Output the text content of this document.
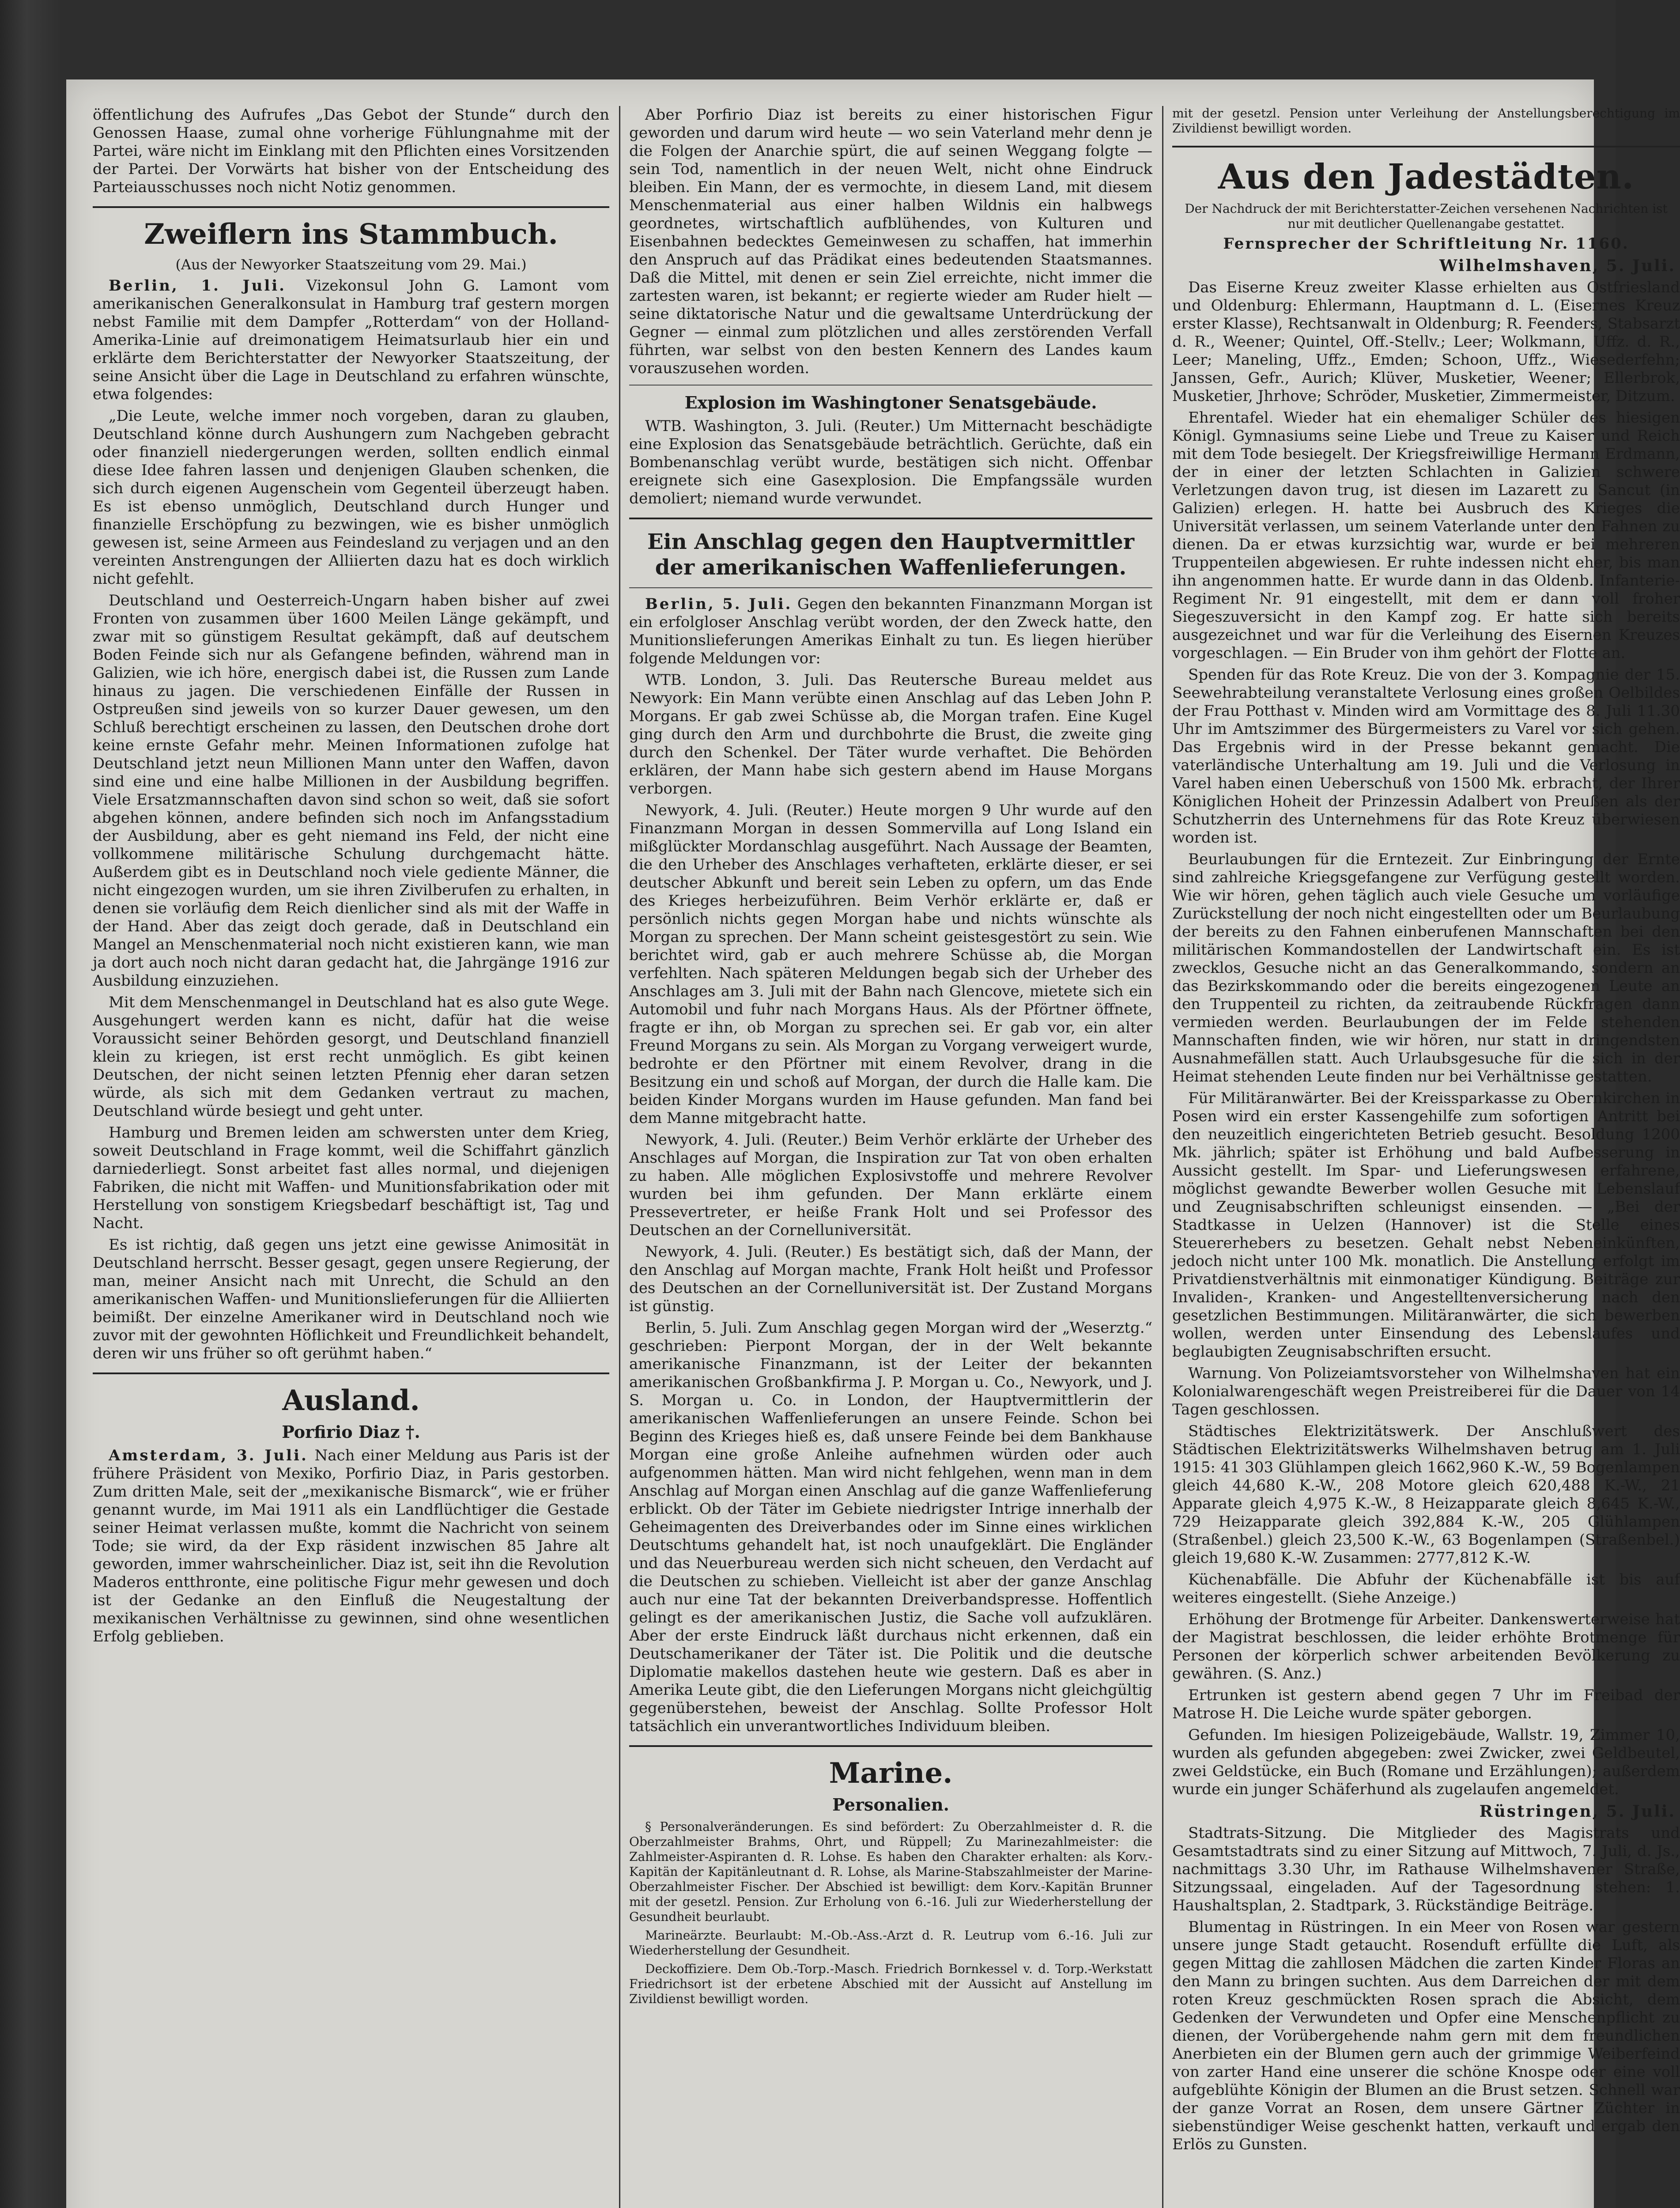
öffentlichung des Aufrufes „Das Gebot der Stunde“ durch den Genossen Haase, zumal ohne vorherige Fühlungnahme mit der Partei, wäre nicht im Einklang mit den Pflichten eines Vorsitzenden der Partei. Der Vorwärts hat bisher von der Entscheidung des Parteiausschusses noch nicht Notiz genommen.

Zweiflern ins Stammbuch.
(Aus der Newyorker Staatszeitung vom 29. Mai.)

Berlin, 1. Juli. Vizekonsul John G. Lamont vom amerikanischen Generalkonsulat in Hamburg traf gestern morgen nebst Familie mit dem Dampfer „Rotterdam“ von der Holland-Amerika-Linie auf dreimonatigem Heimatsurlaub hier ein und erklärte dem Berichterstatter der Newyorker Staatszeitung, der seine Ansicht über die Lage in Deutschland zu erfahren wünschte, etwa folgendes:

„Die Leute, welche immer noch vorgeben, daran zu glauben, Deutschland könne durch Aushungern zum Nachgeben gebracht oder finanziell niedergerungen werden, sollten endlich einmal diese Idee fahren lassen und denjenigen Glauben schenken, die sich durch eigenen Augenschein vom Gegenteil überzeugt haben. Es ist ebenso unmöglich, Deutschland durch Hunger und finanzielle Erschöpfung zu bezwingen, wie es bisher unmöglich gewesen ist, seine Armeen aus Feindesland zu verjagen und an den vereinten Anstrengungen der Alliierten dazu hat es doch wirklich nicht gefehlt.

Deutschland und Oesterreich-Ungarn haben bisher auf zwei Fronten von zusammen über 1600 Meilen Länge gekämpft, und zwar mit so günstigem Resultat gekämpft, daß auf deutschem Boden Feinde sich nur als Gefangene befinden, während man in Galizien, wie ich höre, energisch dabei ist, die Russen zum Lande hinaus zu jagen. Die verschiedenen Einfälle der Russen in Ostpreußen sind jeweils von so kurzer Dauer gewesen, um den Schluß berechtigt erscheinen zu lassen, den Deutschen drohe dort keine ernste Gefahr mehr. Meinen Informationen zufolge hat Deutschland jetzt neun Millionen Mann unter den Waffen, davon sind eine und eine halbe Millionen in der Ausbildung begriffen. Viele Ersatzmannschaften davon sind schon so weit, daß sie sofort abgehen können, andere befinden sich noch im Anfangsstadium der Ausbildung, aber es geht niemand ins Feld, der nicht eine vollkommene militärische Schulung durchgemacht hätte. Außerdem gibt es in Deutschland noch viele gediente Männer, die nicht eingezogen wurden, um sie ihren Zivilberufen zu erhalten, in denen sie vorläufig dem Reich dienlicher sind als mit der Waffe in der Hand. Aber das zeigt doch gerade, daß in Deutschland ein Mangel an Menschenmaterial noch nicht existieren kann, wie man ja dort auch noch nicht daran gedacht hat, die Jahrgänge 1916 zur Ausbildung einzuziehen.

Mit dem Menschenmangel in Deutschland hat es also gute Wege. Ausgehungert werden kann es nicht, dafür hat die weise Voraussicht seiner Behörden gesorgt, und Deutschland finanziell klein zu kriegen, ist erst recht unmöglich. Es gibt keinen Deutschen, der nicht seinen letzten Pfennig eher daran setzen würde, als sich mit dem Gedanken vertraut zu machen, Deutschland würde besiegt und geht unter.

Hamburg und Bremen leiden am schwersten unter dem Krieg, soweit Deutschland in Frage kommt, weil die Schiffahrt gänzlich darniederliegt. Sonst arbeitet fast alles normal, und diejenigen Fabriken, die nicht mit Waffen- und Munitionsfabrikation oder mit Herstellung von sonstigem Kriegsbedarf beschäftigt ist, Tag und Nacht.

Es ist richtig, daß gegen uns jetzt eine gewisse Animosität in Deutschland herrscht. Besser gesagt, gegen unsere Regierung, der man, meiner Ansicht nach mit Unrecht, die Schuld an den amerikanischen Waffen- und Munitionslieferungen für die Alliierten beimißt. Der einzelne Amerikaner wird in Deutschland noch wie zuvor mit der gewohnten Höflichkeit und Freundlichkeit behandelt, deren wir uns früher so oft gerühmt haben.“

Ausland.
Porfirio Diaz †.

Amsterdam, 3. Juli. Nach einer Meldung aus Paris ist der frühere Präsident von Mexiko, Porfirio Diaz, in Paris gestorben. Zum dritten Male, seit der „mexikanische Bismarck“, wie er früher genannt wurde, im Mai 1911 als ein Landflüchtiger die Gestade seiner Heimat verlassen mußte, kommt die Nachricht von seinem Tode; sie wird, da der Exp räsident inzwischen 85 Jahre alt geworden, immer wahrscheinlicher. Diaz ist, seit ihn die Revolution Maderos entthronte, eine politische Figur mehr gewesen und doch ist der Gedanke an den Einfluß die Neugestaltung der mexikanischen Verhältnisse zu gewinnen, sind ohne wesentlichen Erfolg geblieben.

Aber Porfirio Diaz ist bereits zu einer historischen Figur geworden und darum wird heute — wo sein Vaterland mehr denn je die Folgen der Anarchie spürt, die auf seinen Weggang folgte — sein Tod, namentlich in der neuen Welt, nicht ohne Eindruck bleiben. Ein Mann, der es vermochte, in diesem Land, mit diesem Menschenmaterial aus einer halben Wildnis ein halbwegs geordnetes, wirtschaftlich aufblühendes, von Kulturen und Eisenbahnen bedecktes Gemeinwesen zu schaffen, hat immerhin den Anspruch auf das Prädikat eines bedeutenden Staatsmannes. Daß die Mittel, mit denen er sein Ziel erreichte, nicht immer die zartesten waren, ist bekannt; er regierte wieder am Ruder hielt — seine diktatorische Natur und die gewaltsame Unterdrückung der Gegner — einmal zum plötzlichen und alles zerstörenden Verfall führten, war selbst von den besten Kennern des Landes kaum vorauszusehen worden.

Explosion im Washingtoner Senatsgebäude.

WTB. Washington, 3. Juli. (Reuter.) Um Mitternacht beschädigte eine Explosion das Senatsgebäude beträchtlich. Gerüchte, daß ein Bombenanschlag verübt wurde, bestätigen sich nicht. Offenbar ereignete sich eine Gasexplosion. Die Empfangssäle wurden demoliert; niemand wurde verwundet.

Ein Anschlag gegen den Hauptvermittler der amerikanischen Waffenlieferungen.

Berlin, 5. Juli. Gegen den bekannten Finanzmann Morgan ist ein erfolgloser Anschlag verübt worden, der den Zweck hatte, den Munitionslieferungen Amerikas Einhalt zu tun. Es liegen hierüber folgende Meldungen vor:

WTB. London, 3. Juli. Das Reutersche Bureau meldet aus Newyork: Ein Mann verübte einen Anschlag auf das Leben John P. Morgans. Er gab zwei Schüsse ab, die Morgan trafen. Eine Kugel ging durch den Arm und durchbohrte die Brust, die zweite ging durch den Schenkel. Der Täter wurde verhaftet. Die Behörden erklären, der Mann habe sich gestern abend im Hause Morgans verborgen.

Newyork, 4. Juli. (Reuter.) Heute morgen 9 Uhr wurde auf den Finanzmann Morgan in dessen Sommervilla auf Long Island ein mißglückter Mordanschlag ausgeführt. Nach Aussage der Beamten, die den Urheber des Anschlages verhafteten, erklärte dieser, er sei deutscher Abkunft und bereit sein Leben zu opfern, um das Ende des Krieges herbeizuführen. Beim Verhör erklärte er, daß er persönlich nichts gegen Morgan habe und nichts wünschte als Morgan zu sprechen. Der Mann scheint geistesgestört zu sein. Wie berichtet wird, gab er auch mehrere Schüsse ab, die Morgan verfehlten. Nach späteren Meldungen begab sich der Urheber des Anschlages am 3. Juli mit der Bahn nach Glencove, mietete sich ein Automobil und fuhr nach Morgans Haus. Als der Pförtner öffnete, fragte er ihn, ob Morgan zu sprechen sei. Er gab vor, ein alter Freund Morgans zu sein. Als Morgan zu Vorgang verweigert wurde, bedrohte er den Pförtner mit einem Revolver, drang in die Besitzung ein und schoß auf Morgan, der durch die Halle kam. Die beiden Kinder Morgans wurden im Hause gefunden. Man fand bei dem Manne mitgebracht hatte.

Newyork, 4. Juli. (Reuter.) Beim Verhör erklärte der Urheber des Anschlages auf Morgan, die Inspiration zur Tat von oben erhalten zu haben. Alle möglichen Explosivstoffe und mehrere Revolver wurden bei ihm gefunden. Der Mann erklärte einem Pressevertreter, er heiße Frank Holt und sei Professor des Deutschen an der Cornelluniversität.

Newyork, 4. Juli. (Reuter.) Es bestätigt sich, daß der Mann, der den Anschlag auf Morgan machte, Frank Holt heißt und Professor des Deutschen an der Cornelluniversität ist. Der Zustand Morgans ist günstig.

Berlin, 5. Juli. Zum Anschlag gegen Morgan wird der „Weserztg.“ geschrieben: Pierpont Morgan, der in der Welt bekannte amerikanische Finanzmann, ist der Leiter der bekannten amerikanischen Großbankfirma J. P. Morgan u. Co., Newyork, und J. S. Morgan u. Co. in London, der Hauptvermittlerin der amerikanischen Waffenlieferungen an unsere Feinde. Schon bei Beginn des Krieges hieß es, daß unsere Feinde bei dem Bankhause Morgan eine große Anleihe aufnehmen würden oder auch aufgenommen hätten. Man wird nicht fehlgehen, wenn man in dem Anschlag auf Morgan einen Anschlag auf die ganze Waffenlieferung erblickt. Ob der Täter im Gebiete niedrigster Intrige innerhalb der Geheimagenten des Dreiverbandes oder im Sinne eines wirklichen Deutschtums gehandelt hat, ist noch unaufgeklärt. Die Engländer und das Neuerbureau werden sich nicht scheuen, den Verdacht auf die Deutschen zu schieben. Vielleicht ist aber der ganze Anschlag auch nur eine Tat der bekannten Dreiverbandspresse. Hoffentlich gelingt es der amerikanischen Justiz, die Sache voll aufzuklären. Aber der erste Eindruck läßt durchaus nicht erkennen, daß ein Deutschamerikaner der Täter ist. Die Politik und die deutsche Diplomatie makellos dastehen heute wie gestern. Daß es aber in Amerika Leute gibt, die den Lieferungen Morgans nicht gleichgültig gegenüberstehen, beweist der Anschlag. Sollte Professor Holt tatsächlich ein unverantwortliches Individuum bleiben.

Marine.
Personalien.

§ Personalveränderungen. Es sind befördert: Zu Oberzahlmeister d. R. die Oberzahlmeister Brahms, Ohrt, und Rüppell; Zu Marinezahlmeister: die Zahlmeister-Aspiranten d. R. Lohse. Es haben den Charakter erhalten: als Korv.-Kapitän der Kapitänleutnant d. R. Lohse, als Marine-Stabszahlmeister der Marine-Oberzahlmeister Fischer. Der Abschied ist bewilligt: dem Korv.-Kapitän Brunner mit der gesetzl. Pension. Zur Erholung von 6.-16. Juli zur Wiederherstellung der Gesundheit beurlaubt.

Marineärzte. Beurlaubt: M.-Ob.-Ass.-Arzt d. R. Leutrup vom 6.-16. Juli zur Wiederherstellung der Gesundheit.

Deckoffiziere. Dem Ob.-Torp.-Masch. Friedrich Bornkessel v. d. Torp.-Werkstatt Friedrichsort ist der erbetene Abschied mit der Aussicht auf Anstellung im Zivildienst bewilligt worden.

mit der gesetzl. Pension unter Verleihung der Anstellungsberechtigung im Zivildienst bewilligt worden.

Aus den Jadestädten.

Der Nachdruck der mit Berichterstatter-Zeichen versehenen Nachrichten ist nur mit deutlicher Quellenangabe gestattet.

Fernsprecher der Schriftleitung Nr. 1160.

Wilhelmshaven, 5. Juli.

Das Eiserne Kreuz zweiter Klasse erhielten aus Ostfriesland und Oldenburg: Ehlermann, Hauptmann d. L. (Eisernes Kreuz erster Klasse), Rechtsanwalt in Oldenburg; R. Feenders, Stabsarzt d. R., Weener; Quintel, Off.-Stellv.; Leer; Wolkmann, Uffz. d. R., Leer; Maneling, Uffz., Emden; Schoon, Uffz., Wiesederfehn; Janssen, Gefr., Aurich; Klüver, Musketier, Weener; Ellerbrok, Musketier, Jhrhove; Schröder, Musketier, Zimmermeister, Ditzum.

Ehrentafel. Wieder hat ein ehemaliger Schüler des hiesigen Königl. Gymnasiums seine Liebe und Treue zu Kaiser und Reich mit dem Tode besiegelt. Der Kriegsfreiwillige Hermann Erdmann, der in einer der letzten Schlachten in Galizien schwere Verletzungen davon trug, ist diesen im Lazarett zu Sancut (in Galizien) erlegen. H. hatte bei Ausbruch des Krieges die Universität verlassen, um seinem Vaterlande unter den Fahnen zu dienen. Da er etwas kurzsichtig war, wurde er bei mehreren Truppenteilen abgewiesen. Er ruhte indessen nicht eher, bis man ihn angenommen hatte. Er wurde dann in das Oldenb. Infanterie-Regiment Nr. 91 eingestellt, mit dem er dann voll froher Siegeszuversicht in den Kampf zog. Er hatte sich bereits ausgezeichnet und war für die Verleihung des Eisernen Kreuzes vorgeschlagen. — Ein Bruder von ihm gehört der Flotte an.

Spenden für das Rote Kreuz. Die von der 3. Kompagnie der 15. Seewehrabteilung veranstaltete Verlosung eines großen Oelbildes der Frau Potthast v. Minden wird am Vormittage des 8. Juli 11.30 Uhr im Amtszimmer des Bürgermeisters zu Varel vor sich gehen. Das Ergebnis wird in der Presse bekannt gemacht. Die vaterländische Unterhaltung am 19. Juli und die Verlosung in Varel haben einen Ueberschuß von 1500 Mk. erbracht, der Ihrer Königlichen Hoheit der Prinzessin Adalbert von Preußen als der Schutzherrin des Unternehmens für das Rote Kreuz überwiesen worden ist.

Beurlaubungen für die Erntezeit. Zur Einbringung der Ernte sind zahlreiche Kriegsgefangene zur Verfügung gestellt worden. Wie wir hören, gehen täglich auch viele Gesuche um vorläufige Zurückstellung der noch nicht eingestellten oder um Beurlaubung der bereits zu den Fahnen einberufenen Mannschaften bei den militärischen Kommandostellen der Landwirtschaft ein. Es ist zwecklos, Gesuche nicht an das Generalkommando, sondern an das Bezirkskommando oder die bereits eingezogenen Leute an den Truppenteil zu richten, da zeitraubende Rückfragen dann vermieden werden. Beurlaubungen der im Felde stehenden Mannschaften finden, wie wir hören, nur statt in dringendsten Ausnahmefällen statt. Auch Urlaubsgesuche für die sich in der Heimat stehenden Leute finden nur bei Verhältnisse gestatten.

Für Militäranwärter. Bei der Kreissparkasse zu Obernkirchen in Posen wird ein erster Kassengehilfe zum sofortigen Antritt bei den neuzeitlich eingerichteten Betrieb gesucht. Besoldung 1200 Mk. jährlich; später ist Erhöhung und bald Aufbesserung in Aussicht gestellt. Im Spar- und Lieferungswesen erfahrene, möglichst gewandte Bewerber wollen Gesuche mit Lebenslauf und Zeugnisabschriften schleunigst einsenden. — „Bei der Stadtkasse in Uelzen (Hannover) ist die Stelle eines Steuererhebers zu besetzen. Gehalt nebst Nebeneinkünften, jedoch nicht unter 100 Mk. monatlich. Die Anstellung erfolgt im Privatdienstverhältnis mit einmonatiger Kündigung. Beiträge zur Invaliden-, Kranken- und Angestelltenversicherung nach den gesetzlichen Bestimmungen. Militäranwärter, die sich bewerben wollen, werden unter Einsendung des Lebenslaufes und beglaubigten Zeugnisabschriften ersucht.

Warnung. Von Polizeiamtsvorsteher von Wilhelmshaven hat ein Kolonialwarengeschäft wegen Preistreiberei für die Dauer von 14 Tagen geschlossen.

Städtisches Elektrizitätswerk. Der Anschlußwert des Städtischen Elektrizitätswerks Wilhelmshaven betrug am 1. Juli 1915: 41 303 Glühlampen gleich 1662,960 K.-W., 59 Bogenlampen gleich 44,680 K.-W., 208 Motore gleich 620,488 K.-W., 21 Apparate gleich 4,975 K.-W., 8 Heizapparate gleich 8,645 K.-W., 729 Heizapparate gleich 392,884 K.-W., 205 Glühlampen (Straßenbel.) gleich 23,500 K.-W., 63 Bogenlampen (Straßenbel.) gleich 19,680 K.-W. Zusammen: 2777,812 K.-W.

Küchenabfälle. Die Abfuhr der Küchenabfälle ist bis auf weiteres eingestellt. (Siehe Anzeige.)

Erhöhung der Brotmenge für Arbeiter. Dankenswerterweise hat der Magistrat beschlossen, die leider erhöhte Brotmenge für Personen der körperlich schwer arbeitenden Bevölkerung zu gewähren. (S. Anz.)

Ertrunken ist gestern abend gegen 7 Uhr im Freibad der Matrose H. Die Leiche wurde später geborgen.

Gefunden. Im hiesigen Polizeigebäude, Wallstr. 19, Zimmer 10, wurden als gefunden abgegeben: zwei Zwicker, zwei Geldbeutel, zwei Geldstücke, ein Buch (Romane und Erzählungen); außerdem wurde ein junger Schäferhund als zugelaufen angemeldet.

Rüstringen, 5. Juli.

Stadtrats-Sitzung. Die Mitglieder des Magistrats und Gesamtstadtrats sind zu einer Sitzung auf Mittwoch, 7. Juli, d. Js., nachmittags 3.30 Uhr, im Rathause Wilhelmshavener Straße, Sitzungssaal, eingeladen. Auf der Tagesordnung stehen: 1. Haushaltsplan, 2. Stadtpark, 3. Rückständige Beiträge.

Blumentag in Rüstringen. In ein Meer von Rosen war gestern unsere junge Stadt getaucht. Rosenduft erfüllte die Luft, als gegen Mittag die zahllosen Mädchen die zarten Kinder Floras an den Mann zu bringen suchten. Aus dem Darreichen der mit dem roten Kreuz geschmückten Rosen sprach die Absicht, dem Gedenken der Verwundeten und Opfer eine Menschenpflicht zu dienen, der Vorübergehende nahm gern mit dem freundlichen Anerbieten ein der Blumen gern auch der grimmige Weiberfeind von zarter Hand eine unserer die schöne Knospe oder eine voll aufgeblühte Königin der Blumen an die Brust setzen. Schnell war der ganze Vorrat an Rosen, dem unsere Gärtner Züchter in siebenstündiger Weise geschenkt hatten, verkauft und ergab den Erlös zu Gunsten.
